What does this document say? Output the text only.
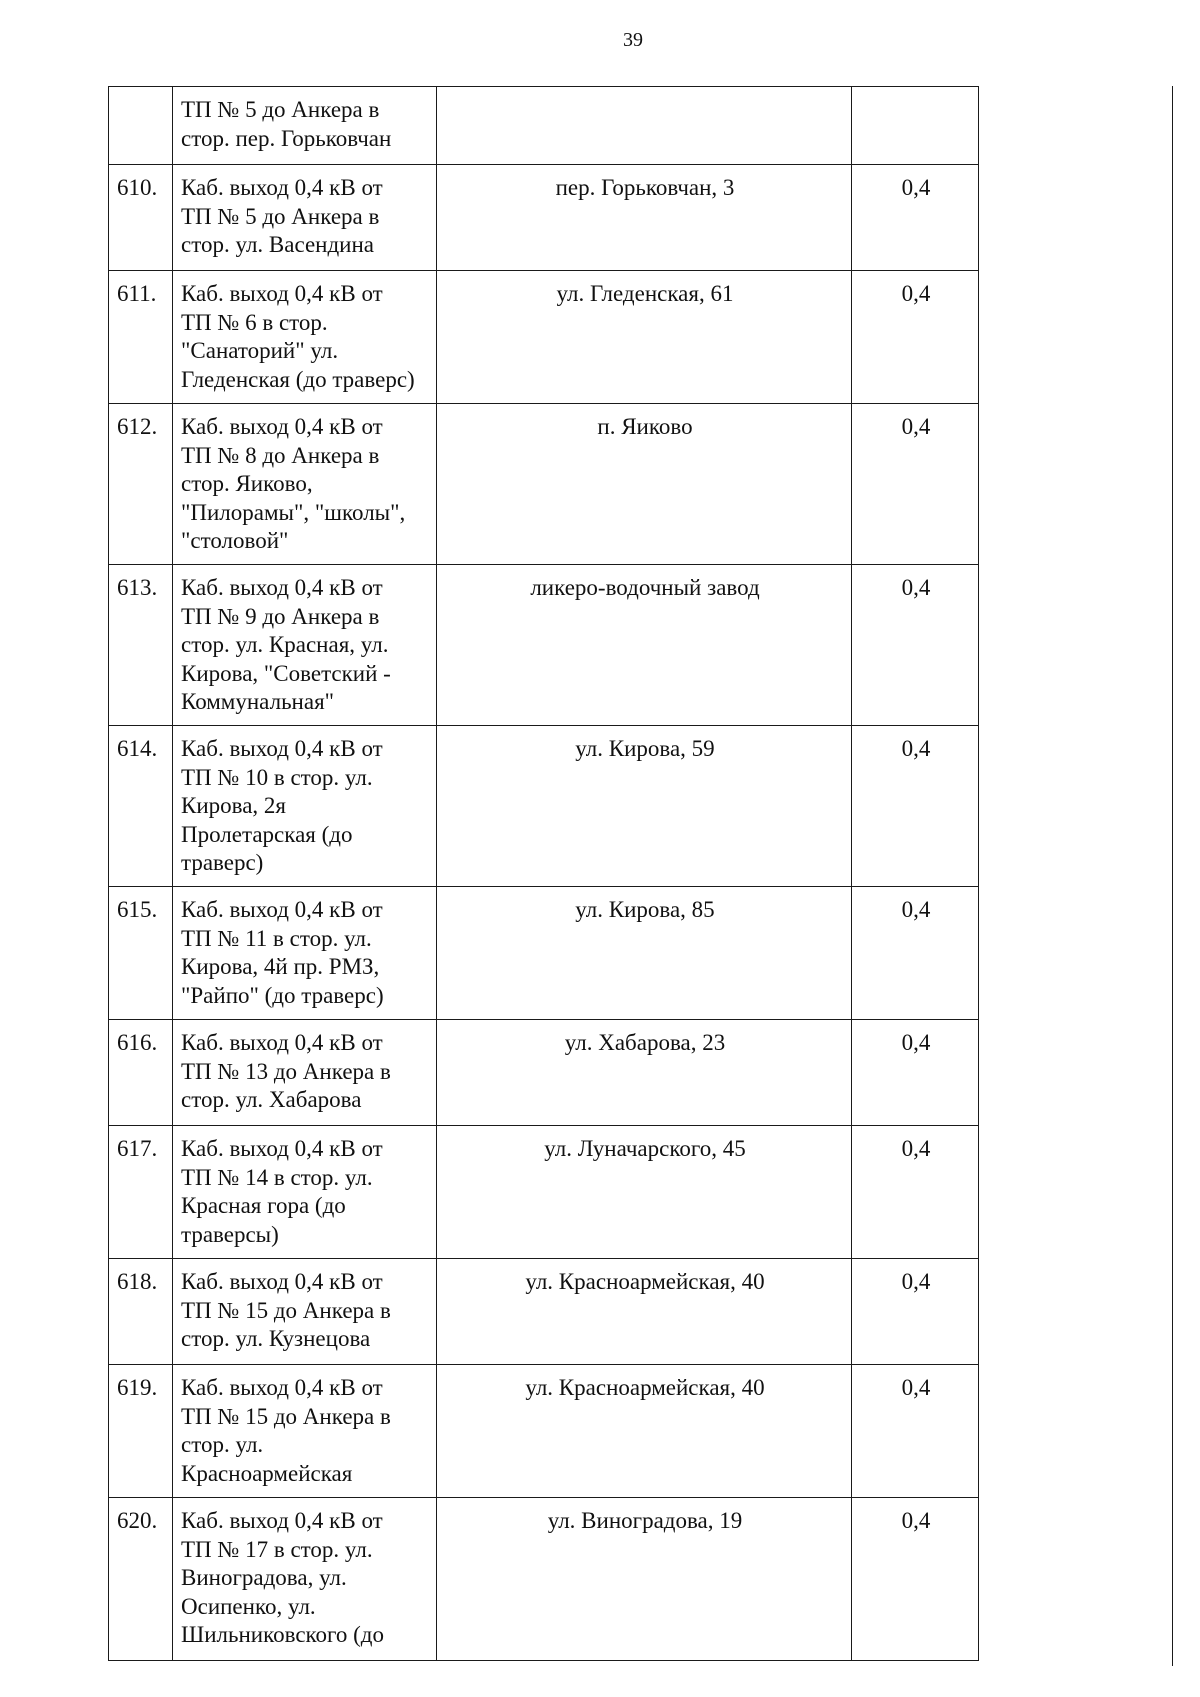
39

	ТП № 5 до Анкера в
стор. пер. Горьковчан			

610.	Каб. выход 0,4 кВ от
ТП № 5 до Анкера в
стор. ул. Васендина	пер. Горьковчан, 3	0,4	
611.	Каб. выход 0,4 кВ от
ТП № 6 в стор.
"Санаторий" ул.
Гледенская (до траверс)	ул. Гледенская, 61	0,4	
612.	Каб. выход 0,4 кВ от
ТП № 8 до Анкера в
стор. Яиково,
"Пилорамы", "школы",
"столовой"	п. Яиково	0,4	
613.	Каб. выход 0,4 кВ от
ТП № 9 до Анкера в
стор. ул. Красная, ул.
Кирова, "Советский -
Коммунальная"	ликеро-водочный завод	0,4	
614.	Каб. выход 0,4 кВ от
ТП № 10 в стор. ул.
Кирова, 2я
Пролетарская (до
траверс)	ул. Кирова, 59	0,4	
615.	Каб. выход 0,4 кВ от
ТП № 11 в стор. ул.
Кирова, 4й пр. РМЗ,
"Райпо" (до траверс)	ул. Кирова, 85	0,4	
616.	Каб. выход 0,4 кВ от
ТП № 13 до Анкера в
стор. ул. Хабарова	ул. Хабарова, 23	0,4	
617.	Каб. выход 0,4 кВ от
ТП № 14 в стор. ул.
Красная гора (до
траверсы)	ул. Луначарского, 45	0,4	
618.	Каб. выход 0,4 кВ от
ТП № 15 до Анкера в
стор. ул. Кузнецова	ул. Красноармейская, 40	0,4	
619.	Каб. выход 0,4 кВ от
ТП № 15 до Анкера в
стор. ул.
Красноармейская	ул. Красноармейская, 40	0,4	
620.	Каб. выход 0,4 кВ от
ТП № 17 в стор. ул.
Виноградова, ул.
Осипенко, ул.
Шильниковского (до	ул. Виноградова, 19	0,4	
